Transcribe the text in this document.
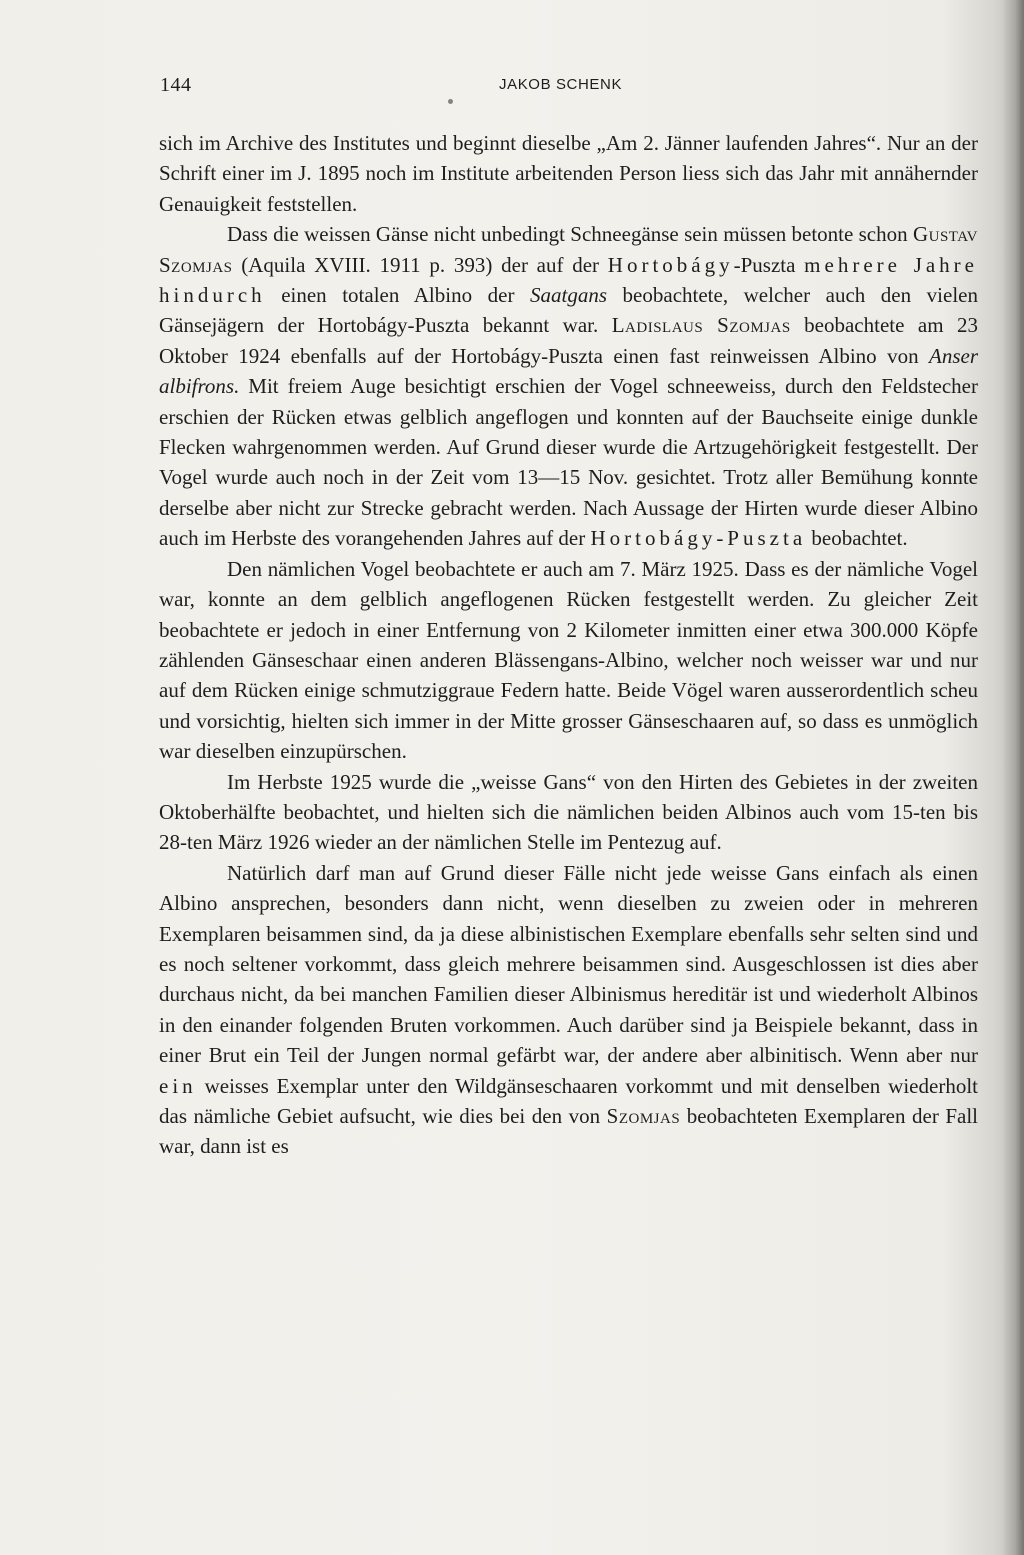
144	JAKOB SCHENK

sich im Archive des Institutes und beginnt dieselbe „Am 2. Jänner laufenden Jahres“. Nur an der Schrift einer im J. 1895 noch im Institute arbeitenden Person liess sich das Jahr mit annähernder Genauigkeit feststellen.

Dass die weissen Gänse nicht unbedingt Schneegänse sein müssen betonte schon Gustav Szomjas (Aquila XVIII. 1911 p. 393) der auf der Hortobágy-Puszta mehrere Jahre hindurch einen totalen Albino der Saatgans beobachtete, welcher auch den vielen Gänsejägern der Hortobágy-Puszta bekannt war. Ladislaus Szomjas beobachtete am 23 Oktober 1924 ebenfalls auf der Hortobágy-Puszta einen fast reinweissen Albino von Anser albifrons. Mit freiem Auge besichtigt erschien der Vogel schneeweiss, durch den Feldstecher erschien der Rücken etwas gelblich angeflogen und konnten auf der Bauchseite einige dunkle Flecken wahrgenommen werden. Auf Grund dieser wurde die Artzugehörigkeit festgestellt. Der Vogel wurde auch noch in der Zeit vom 13—15 Nov. gesichtet. Trotz aller Bemühung konnte derselbe aber nicht zur Strecke gebracht werden. Nach Aussage der Hirten wurde dieser Albino auch im Herbste des vorangehenden Jahres auf der Hortobágy-Puszta beobachtet.

Den nämlichen Vogel beobachtete er auch am 7. März 1925. Dass es der nämliche Vogel war, konnte an dem gelblich angeflogenen Rücken festgestellt werden. Zu gleicher Zeit beobachtete er jedoch in einer Entfernung von 2 Kilometer inmitten einer etwa 300.000 Köpfe zählenden Gänseschaar einen anderen Blässengans-Albino, welcher noch weisser war und nur auf dem Rücken einige schmutziggraue Federn hatte. Beide Vögel waren ausserordentlich scheu und vorsichtig, hielten sich immer in der Mitte grosser Gänseschaaren auf, so dass es unmöglich war dieselben einzupürschen.

Im Herbste 1925 wurde die „weisse Gans“ von den Hirten des Gebietes in der zweiten Oktoberhälfte beobachtet, und hielten sich die nämlichen beiden Albinos auch vom 15-ten bis 28-ten März 1926 wieder an der nämlichen Stelle im Pentezug auf.

Natürlich darf man auf Grund dieser Fälle nicht jede weisse Gans einfach als einen Albino ansprechen, besonders dann nicht, wenn dieselben zu zweien oder in mehreren Exemplaren beisammen sind, da ja diese albinistischen Exemplare ebenfalls sehr selten sind und es noch seltener vorkommt, dass gleich mehrere beisammen sind. Ausgeschlossen ist dies aber durchaus nicht, da bei manchen Familien dieser Albinismus hereditär ist und wiederholt Albinos in den einander folgenden Bruten vorkommen. Auch darüber sind ja Beispiele bekannt, dass in einer Brut ein Teil der Jungen normal gefärbt war, der andere aber albinitisch. Wenn aber nur ein weisses Exemplar unter den Wildgänseschaaren vorkommt und mit denselben wiederholt das nämliche Gebiet aufsucht, wie dies bei den von Szomjas beobachteten Exemplaren der Fall war, dann ist es
